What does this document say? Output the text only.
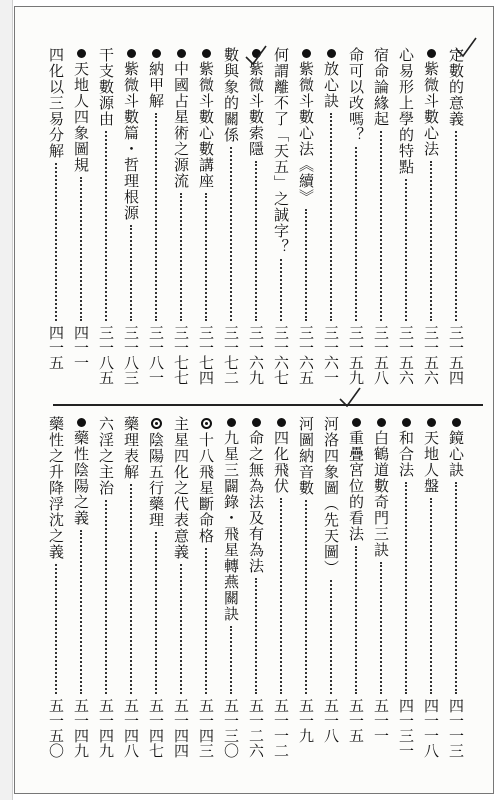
定數的意義
三一五四
紫微斗數心法
三一五六
心易形上學的特點
三一五六
宿命論緣起
三一五八
命可以改嗎？
三一五九
放心訣
三一六一
紫微斗數心法《續》
三一六五
何謂離不了「天五」之誠字？
三一六七
紫微斗數索隱
三一六九
數與象的關係
三一七二
紫微斗數心數講座
三一七四
中國占星術之源流
三一七七
納甲解
三一八一
紫微斗數篇・哲理根源
三一八三
干支數源由
三一八五
天地人四象圖規
四一一
四化以三易分解
四一五
鏡心訣
四一一三
天地人盤
四一一八
和合法
四一三一
白鶴道數奇門三訣
五一一
重疊宮位的看法
五一五
河洛四象圖（先天圖）
五一八
河圖納音數
五一九
四化飛伏
五一一二
命之無為法及有為法
五一二六
九星三闢錄・飛星轉燕關訣
五一三〇
十八飛星斷命格
五一四三
主星四化之代表意義
五一四四
陰陽五行藥理
五一四七
藥理表解
五一四八
六淫之主治
五一四九
藥性陰陽之義
五一四九
藥性之升降浮沈之義
五一五〇
